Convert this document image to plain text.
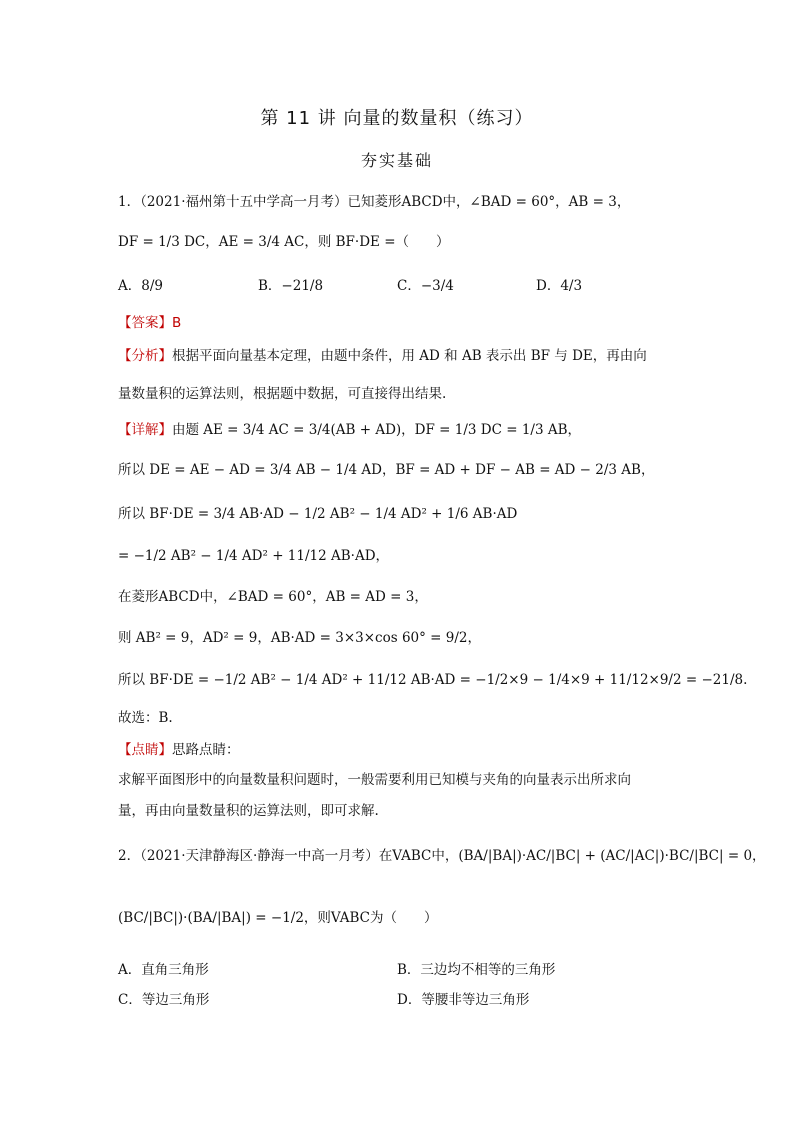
第 11 讲 向量的数量积（练习）
夯实基础
1．（2021·福州第十五中学高一月考）已知菱形ABCD中，∠BAD = 60°，AB = 3，
DF = 1/3 DC，AE = 3/4 AC，则 BF·DE =（　　）
A．8/9	B．−21/8	C．−3/4	D．4/3
【答案】B
【分析】根据平面向量基本定理，由题中条件，用 AD 和 AB 表示出 BF 与 DE，再由向
量数量积的运算法则，根据题中数据，可直接得出结果.
【详解】由题 AE = 3/4 AC = 3/4(AB + AD)，DF = 1/3 DC = 1/3 AB，
所以 DE = AE − AD = 3/4 AB − 1/4 AD，BF = AD + DF − AB = AD − 2/3 AB，
所以 BF·DE = 3/4 AB·AD − 1/2 AB² − 1/4 AD² + 1/6 AB·AD
= −1/2 AB² − 1/4 AD² + 11/12 AB·AD，
在菱形ABCD中，∠BAD = 60°，AB = AD = 3，
则 AB² = 9，AD² = 9，AB·AD = 3×3×cos 60° = 9/2，
所以 BF·DE = −1/2 AB² − 1/4 AD² + 11/12 AB·AD = −1/2×9 − 1/4×9 + 11/12×9/2 = −21/8.
故选：B.
【点睛】思路点睛：
求解平面图形中的向量数量积问题时，一般需要利用已知模与夹角的向量表示出所求向
量，再由向量数量积的运算法则，即可求解.
2．（2021·天津静海区·静海一中高一月考）在VABC中，(BA/|BA|)·AC/|BC| + (AC/|AC|)·BC/|BC| = 0，
(BC/|BC|)·(BA/|BA|) = −1/2，则VABC为（　　）
A．直角三角形	B．三边均不相等的三角形
C．等边三角形	D．等腰非等边三角形
